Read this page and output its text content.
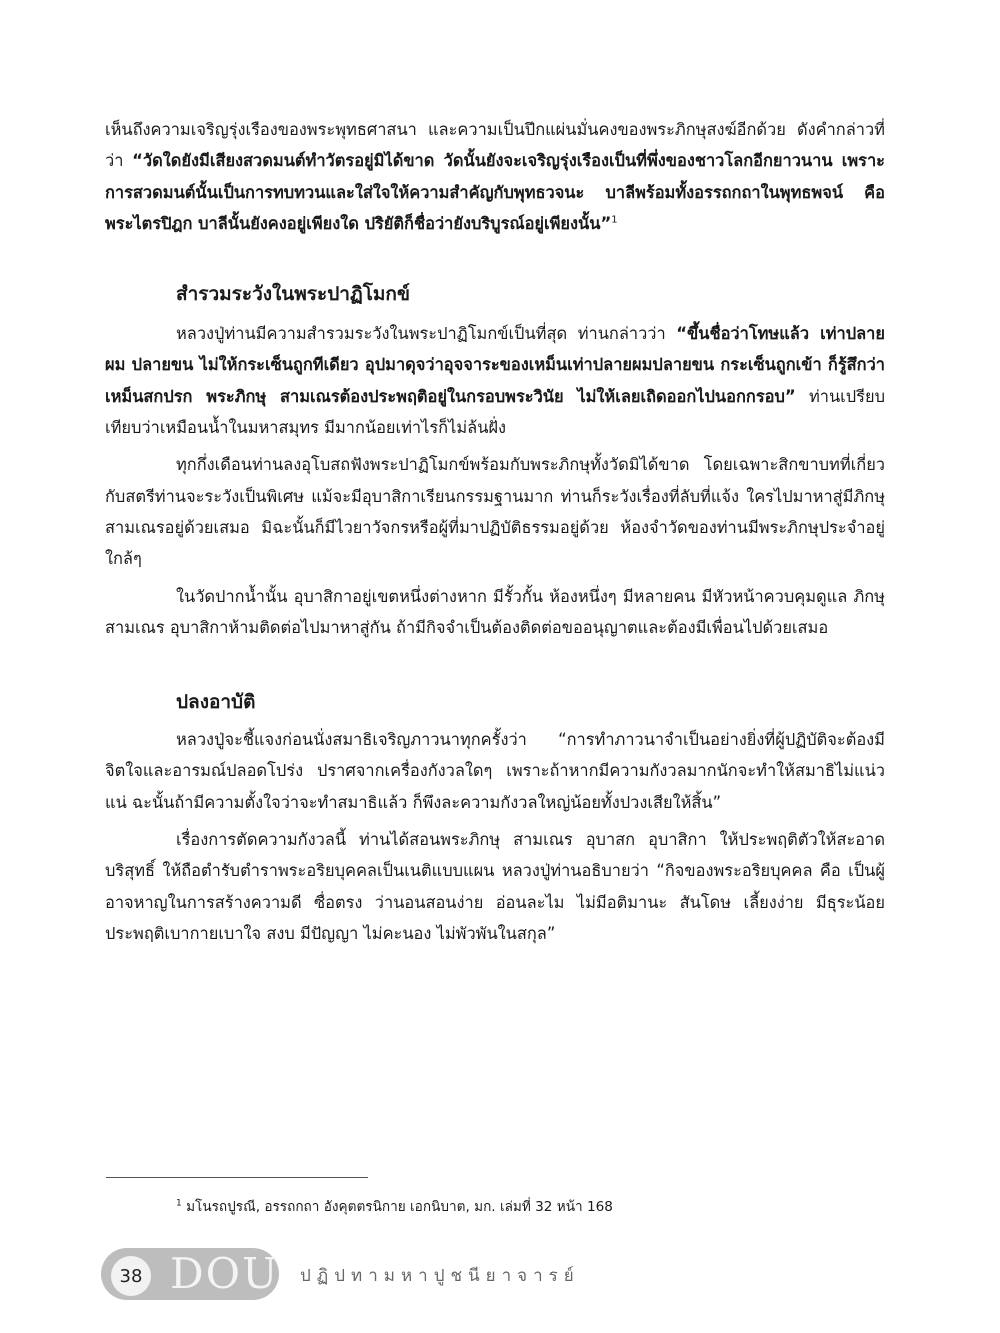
เห็นถึงความเจริญรุ่งเรืองของพระพุทธศาสนา และความเป็นปึกแผ่นมั่นคงของพระภิกษุสงฆ์อีกด้วย ดังคำกล่าวที่ว่า “วัดใดยังมีเสียงสวดมนต์ทำวัตรอยู่มิได้ขาด วัดนั้นยังจะเจริญรุ่งเรืองเป็นที่พึ่งของชาวโลกอีกยาวนาน เพราะการสวดมนต์นั้นเป็นการทบทวนและใส่ใจให้ความสำคัญกับพุทธวจนะ บาลีพร้อมทั้งอรรถกถาในพุทธพจน์ คือ พระไตรปิฎก บาลีนั้นยังคงอยู่เพียงใด ปริยัติก็ชื่อว่ายังบริบูรณ์อยู่เพียงนั้น”$^1$

สำรวมระวังในพระปาฏิโมกข์

หลวงปู่ท่านมีความสำรวมระวังในพระปาฏิโมกข์เป็นที่สุด ท่านกล่าวว่า “ขึ้นชื่อว่าโทษแล้ว เท่าปลายผม ปลายขน ไม่ให้กระเซ็นถูกทีเดียว อุปมาดุจว่าอุจจาระของเหม็นเท่าปลายผมปลายขน กระเซ็นถูกเข้า ก็รู้สึกว่าเหม็นสกปรก พระภิกษุ สามเณรต้องประพฤติอยู่ในกรอบพระวินัย ไม่ให้เลยเถิดออกไปนอกกรอบ” ท่านเปรียบเทียบว่าเหมือนน้ำในมหาสมุทร มีมากน้อยเท่าไรก็ไม่ล้นฝั่ง

ทุกกึ่งเดือนท่านลงอุโบสถฟังพระปาฏิโมกข์พร้อมกับพระภิกษุทั้งวัดมิได้ขาด โดยเฉพาะสิกขาบทที่เกี่ยวกับสตรีท่านจะระวังเป็นพิเศษ แม้จะมีอุบาสิกาเรียนกรรมฐานมาก ท่านก็ระวังเรื่องที่ลับที่แจ้ง ใครไปมาหาสู่มีภิกษุ สามเณรอยู่ด้วยเสมอ มิฉะนั้นก็มีไวยาวัจกรหรือผู้ที่มาปฏิบัติธรรมอยู่ด้วย ห้องจำวัดของท่านมีพระภิกษุประจำอยู่ใกล้ๆ

ในวัดปากน้ำนั้น อุบาสิกาอยู่เขตหนึ่งต่างหาก มีรั้วกั้น ห้องหนึ่งๆ มีหลายคน มีหัวหน้าควบคุมดูแล ภิกษุ สามเณร อุบาสิกาห้ามติดต่อไปมาหาสู่กัน ถ้ามีกิจจำเป็นต้องติดต่อขออนุญาตและต้องมีเพื่อนไปด้วยเสมอ

ปลงอาบัติ

หลวงปู่จะชี้แจงก่อนนั่งสมาธิเจริญภาวนาทุกครั้งว่า “การทำภาวนาจำเป็นอย่างยิ่งที่ผู้ปฏิบัติจะต้องมีจิตใจและอารมณ์ปลอดโปร่ง ปราศจากเครื่องกังวลใดๆ เพราะถ้าหากมีความกังวลมากนักจะทำให้สมาธิไม่แน่วแน่ ฉะนั้นถ้ามีความตั้งใจว่าจะทำสมาธิแล้ว ก็พึงละความกังวลใหญ่น้อยทั้งปวงเสียให้สิ้น”

เรื่องการตัดความกังวลนี้ ท่านได้สอนพระภิกษุ สามเณร อุบาสก อุบาสิกา ให้ประพฤติตัวให้สะอาดบริสุทธิ์ ให้ถือตำรับตำราพระอริยบุคคลเป็นเนติแบบแผน หลวงปู่ท่านอธิบายว่า “กิจของพระอริยบุคคล คือ เป็นผู้อาจหาญในการสร้างความดี ซื่อตรง ว่านอนสอนง่าย อ่อนละไม ไม่มีอติมานะ สันโดษ เลี้ยงง่าย มีธุระน้อย ประพฤติเบากายเบาใจ สงบ มีปัญญา ไม่คะนอง ไม่พัวพันในสกุล”

$^1$ มโนรถปูรณี, อรรถกถา อังคุตตรนิกาย เอกนิบาต, มก. เล่มที่ 32 หน้า 168
38 DOU ปฏิปทามหาปูชนียาจารย์
